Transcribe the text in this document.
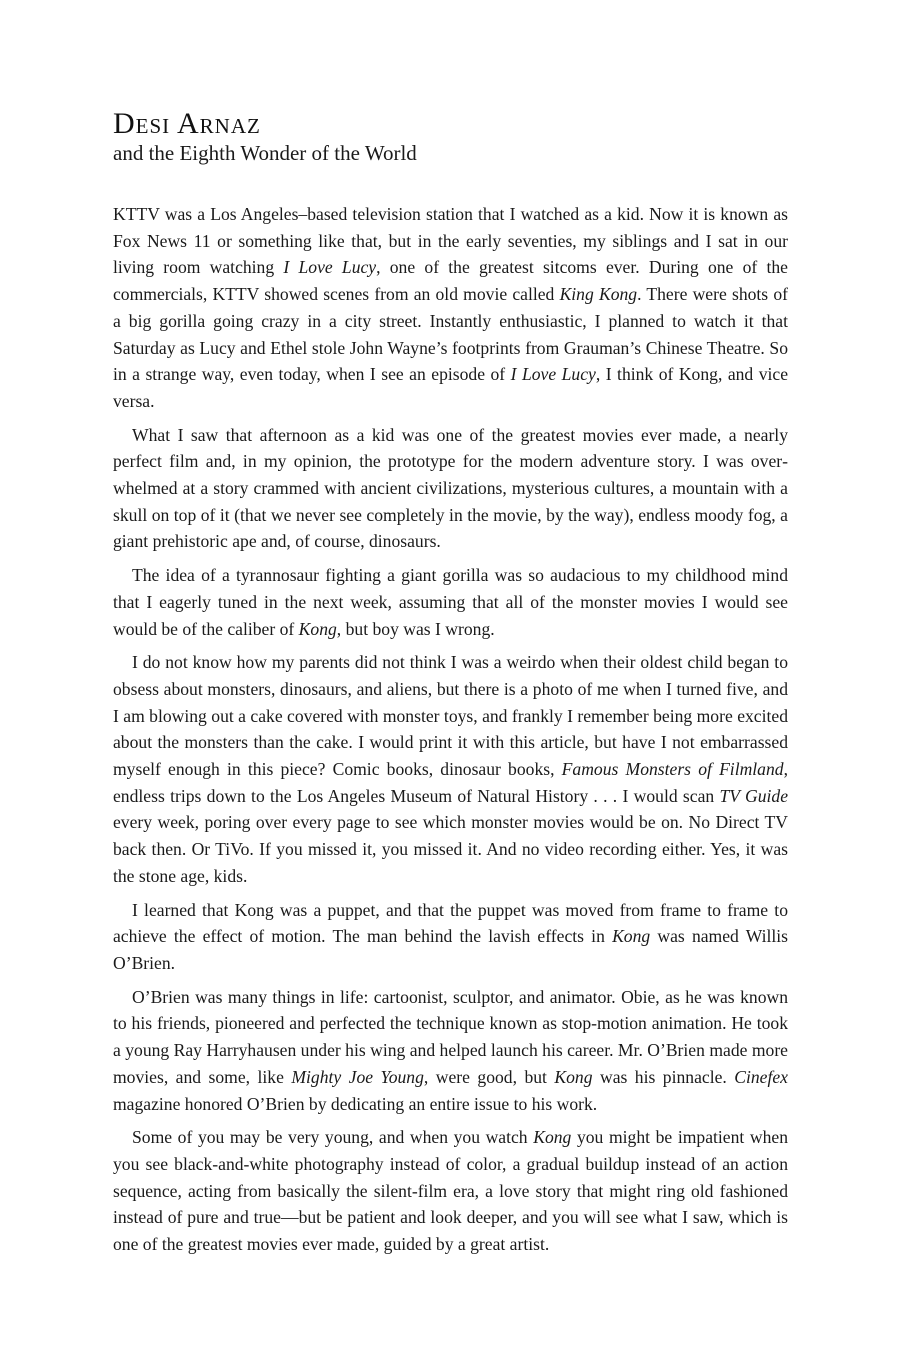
Desi Arnaz
and the Eighth Wonder of the World

KTTV was a Los Angeles–based television station that I watched as a kid. Now it is known as Fox News 11 or something like that, but in the early seventies, my siblings and I sat in our living room watching I Love Lucy, one of the greatest sitcoms ever. During one of the commercials, KTTV showed scenes from an old movie called King Kong. There were shots of a big gorilla going crazy in a city street. Instantly enthusiastic, I planned to watch it that Saturday as Lucy and Ethel stole John Wayne’s footprints from Grauman’s Chinese Theatre. So in a strange way, even today, when I see an episode of I Love Lucy, I think of Kong, and vice versa.

What I saw that afternoon as a kid was one of the greatest movies ever made, a nearly perfect film and, in my opinion, the prototype for the modern adventure story. I was overwhelmed at a story crammed with ancient civilizations, mysterious cultures, a mountain with a skull on top of it (that we never see completely in the movie, by the way), endless moody fog, a giant prehistoric ape and, of course, dinosaurs.

The idea of a tyrannosaur fighting a giant gorilla was so audacious to my childhood mind that I eagerly tuned in the next week, assuming that all of the monster movies I would see would be of the caliber of Kong, but boy was I wrong.

I do not know how my parents did not think I was a weirdo when their oldest child began to obsess about monsters, dinosaurs, and aliens, but there is a photo of me when I turned five, and I am blowing out a cake covered with monster toys, and frankly I remember being more excited about the monsters than the cake. I would print it with this article, but have I not embarrassed myself enough in this piece? Comic books, dinosaur books, Famous Monsters of Filmland, endless trips down to the Los Angeles Museum of Natural History . . . I would scan TV Guide every week, poring over every page to see which monster movies would be on. No Direct TV back then. Or TiVo. If you missed it, you missed it. And no video recording either. Yes, it was the stone age, kids.

I learned that Kong was a puppet, and that the puppet was moved from frame to frame to achieve the effect of motion. The man behind the lavish effects in Kong was named Willis O’Brien.

O’Brien was many things in life: cartoonist, sculptor, and animator. Obie, as he was known to his friends, pioneered and perfected the technique known as stop-motion animation. He took a young Ray Harryhausen under his wing and helped launch his career. Mr. O’Brien made more movies, and some, like Mighty Joe Young, were good, but Kong was his pinnacle. Cinefex magazine honored O’Brien by dedicating an entire issue to his work.

Some of you may be very young, and when you watch Kong you might be impatient when you see black-and-white photography instead of color, a gradual buildup instead of an action sequence, acting from basically the silent-film era, a love story that might ring old fashioned instead of pure and true—but be patient and look deeper, and you will see what I saw, which is one of the greatest movies ever made, guided by a great artist.
